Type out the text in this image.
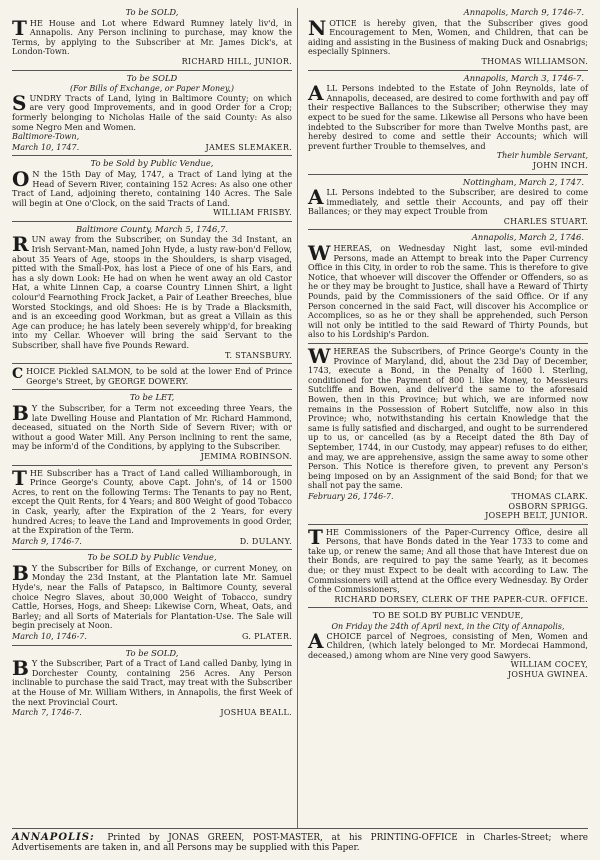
To be SOLD,

THE House and Lot where Edward Rumney lately liv'd, in Annapolis. Any Person inclining to purchase, may know the Terms, by applying to the Subscriber at Mr. James Dick's, at London-Town.

RICHARD HILL, JUNIOR.
To be SOLD
(For Bills of Exchange, or Paper Money,)

SUNDRY Tracts of Land, lying in Baltimore County; on which are very good Improvements, and in good Order for a Crop; formerly belonging to Nicholas Haile of the said County: As also some Negro Men and Women.

Baltimore-Town,
March 10, 1747.	JAMES SLEMAKER.
To be Sold by Public Vendue,

O N the 15th Day of May, 1747, a Tract of Land lying at the Head of Severn River, containing 152 Acres: As also one other Tract of Land, adjoining thereto, containing 140 Acres. The Sale will begin at One o'Clock, on the said Tracts of Land.

WILLIAM FRISBY.
Baltimore County, March 5, 1746,7.

RUN away from the Subscriber, on Sunday the 3d Instant, an Irish Servant-Man, named John Hyde, a lusty raw-bon'd Fellow, about 35 Years of Age, stoops in the Shoulders, is sharp visaged, pitted with the Small-Pox, has lost a Piece of one of his Ears, and has a sly down Look: He had on when he went away an old Castor Hat, a white Linnen Cap, a coarse Country Linnen Shirt, a light colour'd Fearnothing Frock Jacket, a Pair of Leather Breeches, blue Worsted Stockings, and old Shoes: He is by Trade a Blacksmith, and is an exceeding good Workman, but as great a Villain as this Age can produce; he has lately been severely whipp'd, for breaking into my Cellar. Whoever will bring the said Servant to the Subscriber, shall have five Pounds Reward.

T. STANSBURY.

CHOICE Pickled SALMON, to be sold at the lower End of Prince George's Street, by GEORGE DOWERY.

To be LET,

B Y the Subscriber, for a Term not exceeding three Years, the late Dwelling House and Plantation of Mr. Richard Hammond, deceased, situated on the North Side of Severn River; with or without a good Water Mill. Any Person inclining to rent the same, may be inform'd of the Conditions, by applying to the Subscriber.

JEMIMA ROBINSON.

THE Subscriber has a Tract of Land called Williamborough, in Prince George's County, above Capt. John's, of 14 or 1500 Acres, to rent on the following Terms: The Tenants to pay no Rent, except the Quit Rents, for 4 Years; and 800 Weight of good Tobacco in Cask, yearly, after the Expiration of the 2 Years, for every hundred Acres; to leave the Land and Improvements in good Order, at the Expiration of the Term.

March 9, 1746-7.	D. DULANY.
To be SOLD by Public Vendue,

B Y the Subscriber for Bills of Exchange, or current Money, on Monday the 23d Instant, at the Plantation late Mr. Samuel Hyde's, near the Falls of Patapsco, in Baltimore County, several choice Negro Slaves, about 30,000 Weight of Tobacco, sundry Cattle, Horses, Hogs, and Sheep: Likewise Corn, Wheat, Oats, and Barley; and all Sorts of Materials for Plantation-Use. The Sale will begin precisely at Noon.

March 10, 1746-7.	G. PLATER.
To be SOLD,

B Y the Subscriber, Part of a Tract of Land called Danby, lying in Dorchester County, containing 256 Acres. Any Person inclinable to purchase the said Tract, may treat with the Subscriber at the House of Mr. William Withers, in Annapolis, the first Week of the next Provincial Court.

March 7, 1746-7.	JOSHUA BEALL.
Annapolis, March 9, 1746-7.

NOTICE is hereby given, that the Subscriber gives good Encouragement to Men, Women, and Children, that can be aiding and assisting in the Business of making Duck and Osnabrigs; especially Spinners.

THOMAS WILLIAMSON.
Annapolis, March 3, 1746-7.

ALL Persons indebted to the Estate of John Reynolds, late of Annapolis, deceased, are desired to come forthwith and pay off their respective Ballances to the Subscriber; otherwise they may expect to be sued for the same. Likewise all Persons who have been indebted to the Subscriber for more than Twelve Months past, are hereby desired to come and settle their Accounts; which will prevent further Trouble to themselves, and

Their humble Servant,
JOHN INCH.
Nottingham, March 2, 1747.

ALL Persons indebted to the Subscriber, are desired to come immediately, and settle their Accounts, and pay off their Ballances; or they may expect Trouble from

CHARLES STUART.
Annapolis, March 2, 1746.

WHEREAS, on Wednesday Night last, some evil-minded Persons, made an Attempt to break into the Paper Currency Office in this City, in order to rob the same. This is therefore to give Notice, that whoever will discover the Offender or Offenders, so as he or they may be brought to Justice, shall have a Reward of Thirty Pounds, paid by the Commissioners of the said Office. Or if any Person concerned in the said Fact, will discover his Accomplice or Accomplices, so as he or they shall be apprehended, such Person will not only be intitled to the said Reward of Thirty Pounds, but also to his Lordship's Pardon.

WHEREAS the Subscribers, of Prince George's County in the Province of Maryland, did, about the 23d Day of December, 1743, execute a Bond, in the Penalty of 1600 l. Sterling, conditioned for the Payment of 800 l. like Money, to Messieurs Sutcliffe and Bowen, and deliver'd the same to the aforesaid Bowen, then in this Province; but which, we are informed now remains in the Possession of Robert Sutcliffe, now also in this Province; who, notwithstanding his certain Knowledge that the same is fully satisfied and discharged, and ought to be surrendered up to us, or cancelled (as by a Receipt dated the 8th Day of September, 1744, in our Custody, may appear) refuses to do either, and may, we are apprehensive, assign the same away to some other Person. This Notice is therefore given, to prevent any Person's being imposed on by an Assignment of the said Bond; for that we shall not pay the same.

February 26, 1746-7.	THOMAS CLARK.
OSBORN SPRIGG.
JOSEPH BELT, JUNIOR.

THE Commissioners of the Paper-Currency Office, desire all Persons, that have Bonds dated in the Year 1733 to come and take up, or renew the same; And all those that have Interest due on their Bonds, are required to pay the same Yearly, as it becomes due; or they must Expect to be dealt with according to Law. The Commissioners will attend at the Office every Wednesday. By Order of the Commissioners,

RICHARD DORSEY, CLERK OF THE PAPER-CUR. OFFICE.
TO BE SOLD BY PUBLIC VENDUE,
On Friday the 24th of April next, in the City of Annapolis,

ACHOICE parcel of Negroes, consisting of Men, Women and Children, (which lately belonged to Mr. Mordecai Hammond, deceased,) among whom are Nine very good Sawyers.

WILLIAM COCEY,
JOSHUA GWINEA.
ANNAPOLIS: Printed by JONAS GREEN, POST-MASTER, at his PRINTING-OFFICE in Charles-Street; where Advertisements are taken in, and all Persons may be supplied with this Paper.
